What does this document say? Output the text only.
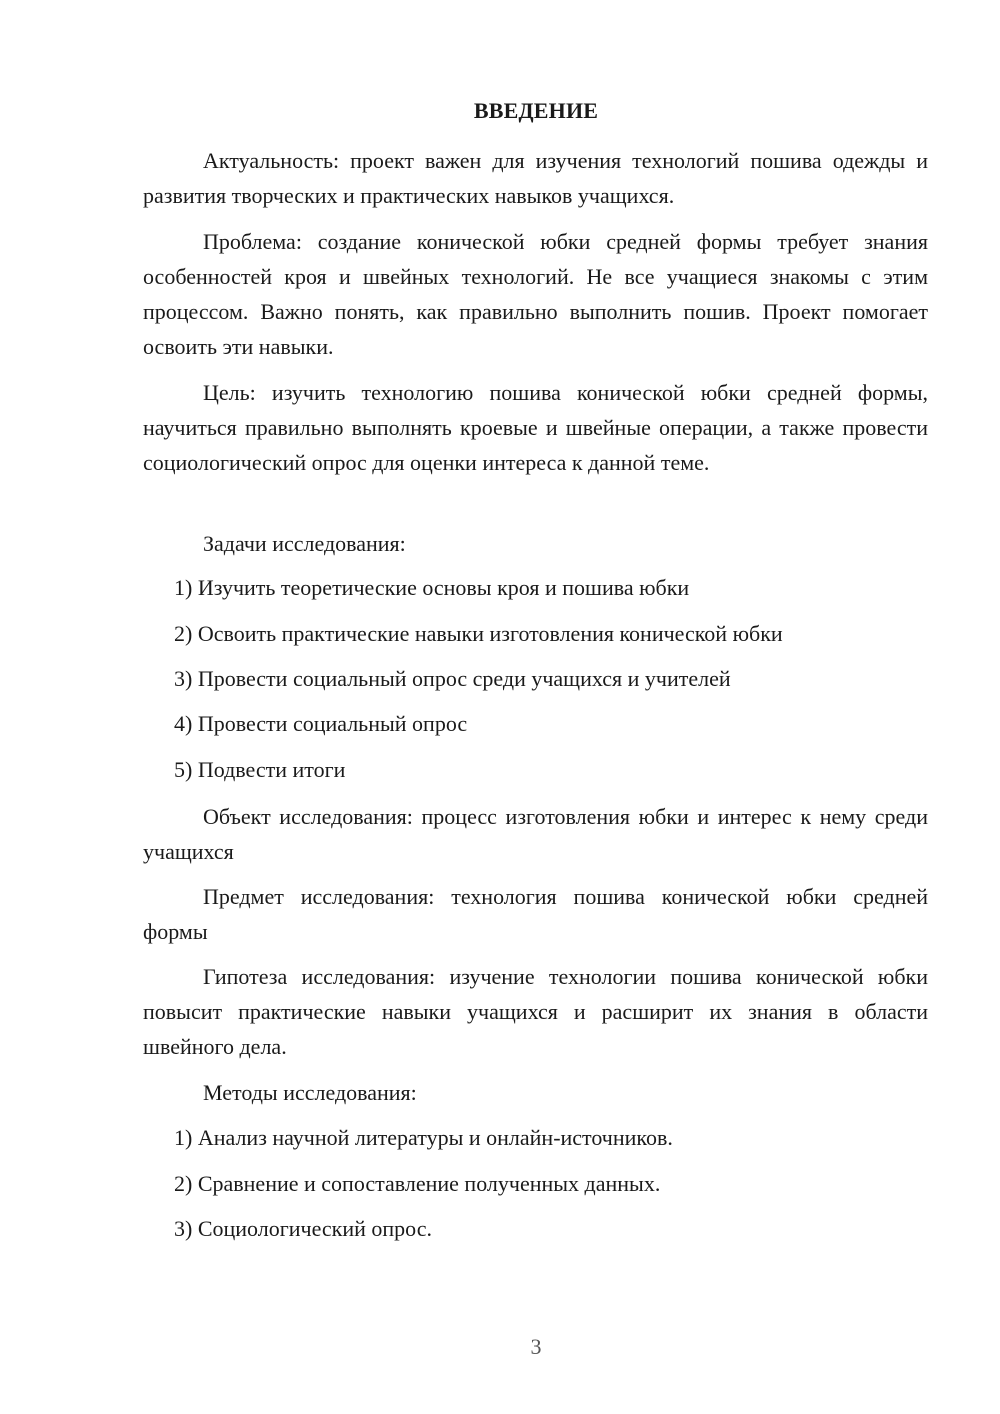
ВВЕДЕНИЕ
Актуальность: проект важен для изучения технологий пошива одежды и развития творческих и практических навыков учащихся.
Проблема: создание конической юбки средней формы требует знания особенностей кроя и швейных технологий. Не все учащиеся знакомы с этим процессом. Важно понять, как правильно выполнить пошив. Проект помогает освоить эти навыки.
Цель: изучить технологию пошива конической юбки средней формы, научиться правильно выполнять кроевые и швейные операции, а также провести социологический опрос для оценки интереса к данной теме.
Задачи исследования:
1) Изучить теоретические основы кроя и пошива юбки
2) Освоить практические навыки изготовления конической юбки
3) Провести социальный опрос среди учащихся и учителей
4) Провести социальный опрос
5) Подвести итоги
Объект исследования: процесс изготовления юбки и интерес к нему среди учащихся
Предмет исследования: технология пошива конической юбки средней формы
Гипотеза исследования: изучение технологии пошива конической юбки повысит практические навыки учащихся и расширит их знания в области швейного дела.
Методы исследования:
1) Анализ научной литературы и онлайн-источников.
2) Сравнение и сопоставление полученных данных.
3) Социологический опрос.
3
